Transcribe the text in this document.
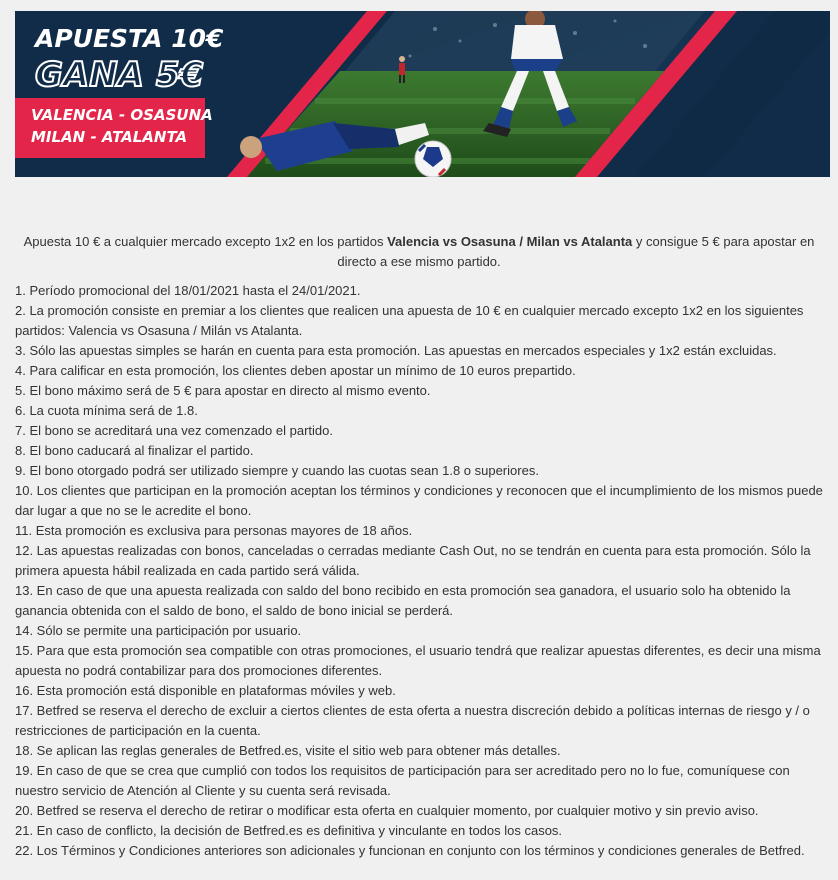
APUESTA 10€

GANA 5€

VALENCIA - OSASUNA
MILAN - ATALANTA

Apuesta 10 € a cualquier mercado excepto 1x2 en los partidos Valencia vs Osasuna / Milan vs Atalanta y consigue 5 € para apostar en directo a ese mismo partido.

1. Período promocional del 18/01/2021 hasta el 24/01/2021.
2. La promoción consiste en premiar a los clientes que realicen una apuesta de 10 € en cualquier mercado excepto 1x2 en los siguientes partidos: Valencia vs Osasuna / Milán vs Atalanta.
3. Sólo las apuestas simples se harán en cuenta para esta promoción. Las apuestas en mercados especiales y 1x2 están excluidas.
4. Para calificar en esta promoción, los clientes deben apostar un mínimo de 10 euros prepartido.
5. El bono máximo será de 5 € para apostar en directo al mismo evento.
6. La cuota mínima será de 1.8.
7. El bono se acreditará una vez comenzado el partido.
8. El bono caducará al finalizar el partido.
9. El bono otorgado podrá ser utilizado siempre y cuando las cuotas sean 1.8 o superiores.
10. Los clientes que participan en la promoción aceptan los términos y condiciones y reconocen que el incumplimiento de los mismos puede dar lugar a que no se le acredite el bono.
11. Esta promoción es exclusiva para personas mayores de 18 años.
12. Las apuestas realizadas con bonos, canceladas o cerradas mediante Cash Out, no se tendrán en cuenta para esta promoción. Sólo la primera apuesta hábil realizada en cada partido será válida.
13. En caso de que una apuesta realizada con saldo del bono recibido en esta promoción sea ganadora, el usuario solo ha obtenido la ganancia obtenida con el saldo de bono, el saldo de bono inicial se perderá.
14. Sólo se permite una participación por usuario.
15. Para que esta promoción sea compatible con otras promociones, el usuario tendrá que realizar apuestas diferentes, es decir una misma apuesta no podrá contabilizar para dos promociones diferentes.
16. Esta promoción está disponible en plataformas móviles y web.
17. Betfred se reserva el derecho de excluir a ciertos clientes de esta oferta a nuestra discreción debido a políticas internas de riesgo y / o restricciones de participación en la cuenta.
18. Se aplican las reglas generales de Betfred.es, visite el sitio web para obtener más detalles.
19. En caso de que se crea que cumplió con todos los requisitos de participación para ser acreditado pero no lo fue, comuníquese con nuestro servicio de Atención al Cliente y su cuenta será revisada.
20. Betfred se reserva el derecho de retirar o modificar esta oferta en cualquier momento, por cualquier motivo y sin previo aviso.
21. En caso de conflicto, la decisión de Betfred.es es definitiva y vinculante en todos los casos.
22. Los Términos y Condiciones anteriores son adicionales y funcionan en conjunto con los términos y condiciones generales de Betfred.
